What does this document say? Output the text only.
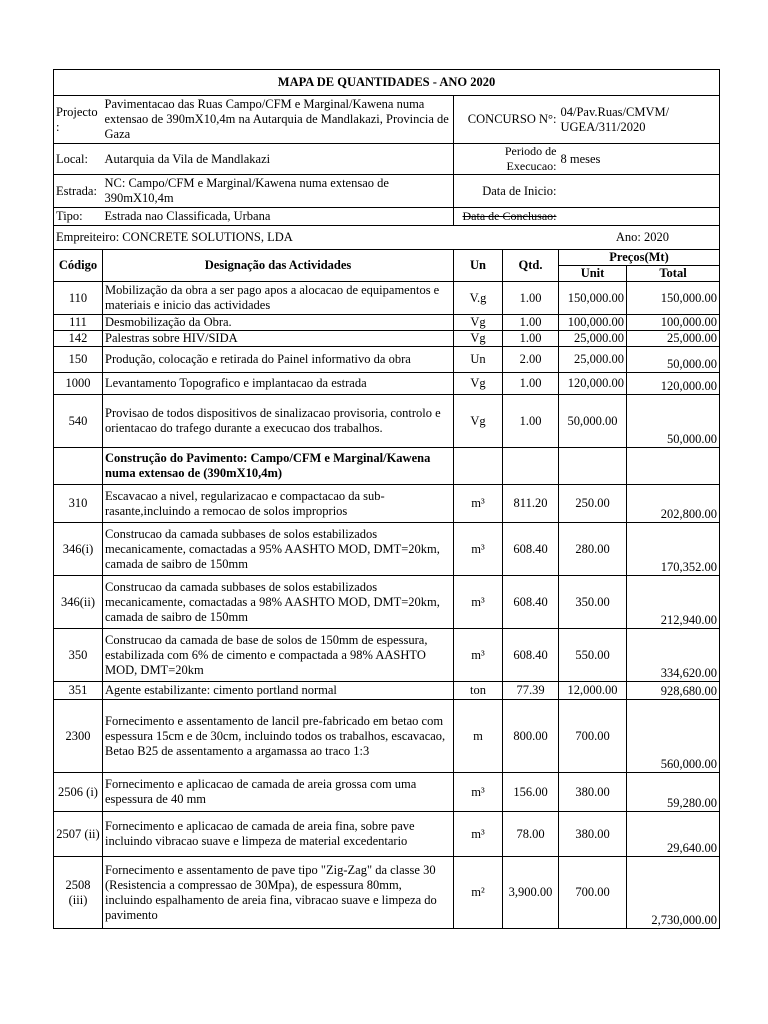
MAPA DE QUANTIDADES - ANO 2020					
Projecto :	Pavimentacao das Ruas Campo/CFM e Marginal/Kawena numa extensao de 390mX10,4m na Autarquia de Mandlakazi, Provincia de Gaza	CONCURSO N°:		04/Pav.Ruas/CMVM/ UGEA/311/2020	
Local:	Autarquia da Vila de Mandlakazi	Periodo de Execucao:		8 meses	
Estrada:	NC: Campo/CFM e Marginal/Kawena numa extensao de 390mX10,4m	Data de Inicio:			
Tipo:	Estrada nao Classificada, Urbana	Data de Conclusao:			
Empreiteiro: CONCRETE SOLUTIONS, LDA		Ano: 2020			
Código	Designação das Actividades	Un	Qtd.	Preços(Mt)	
				Unit	Total
110	Mobilização da obra a ser pago apos a alocacao de equipamentos e materiais e inicio das actividades	V.g	1.00	150,000.00	150,000.00
111	Desmobilização da Obra.	Vg	1.00	100,000.00	100,000.00
142	Palestras sobre HIV/SIDA	Vg	1.00	25,000.00	25,000.00
150	Produção, colocação e retirada do Painel informativo da obra	Un	2.00	25,000.00	50,000.00
1000	Levantamento Topografico e implantacao da estrada	Vg	1.00	120,000.00	120,000.00
540	Provisao de todos dispositivos de sinalizacao provisoria, controlo e orientacao do trafego durante a execucao dos trabalhos.	Vg	1.00	50,000.00	50,000.00
	Construção do Pavimento: Campo/CFM e Marginal/Kawena numa extensao de (390mX10,4m)				
310	Escavacao a nivel, regularizacao e compactacao da sub-rasante,incluindo a remocao de solos improprios	m³	811.20	250.00	202,800.00
346(i)	Construcao da camada subbases de solos estabilizados mecanicamente, comactadas a 95% AASHTO MOD, DMT=20km, camada de saibro de 150mm	m³	608.40	280.00	170,352.00
346(ii)	Construcao da camada subbases de solos estabilizados mecanicamente, comactadas a 98% AASHTO MOD, DMT=20km, camada de saibro de 150mm	m³	608.40	350.00	212,940.00
350	Construcao da camada de base de solos de 150mm de espessura, estabilizada com 6% de cimento e compactada a 98% AASHTO MOD, DMT=20km	m³	608.40	550.00	334,620.00
351	Agente estabilizante: cimento portland normal	ton	77.39	12,000.00	928,680.00
2300	Fornecimento e assentamento de lancil pre-fabricado em betao com espessura 15cm e de 30cm, incluindo todos os trabalhos, escavacao, Betao B25 de assentamento a argamassa ao traco 1:3	m	800.00	700.00	560,000.00
2506 (i)	Fornecimento e aplicacao de camada de areia grossa com uma espessura de 40 mm	m³	156.00	380.00	59,280.00
2507 (ii)	Fornecimento e aplicacao de camada de areia fina, sobre pave incluindo vibracao suave e limpeza de material excedentario	m³	78.00	380.00	29,640.00
2508 (iii)	Fornecimento e assentamento de pave tipo "Zig-Zag" da classe 30 (Resistencia a compressao de 30Mpa), de espessura 80mm, incluindo espalhamento de areia fina, vibracao suave e limpeza do pavimento	m²	3,900.00	700.00	2,730,000.00
